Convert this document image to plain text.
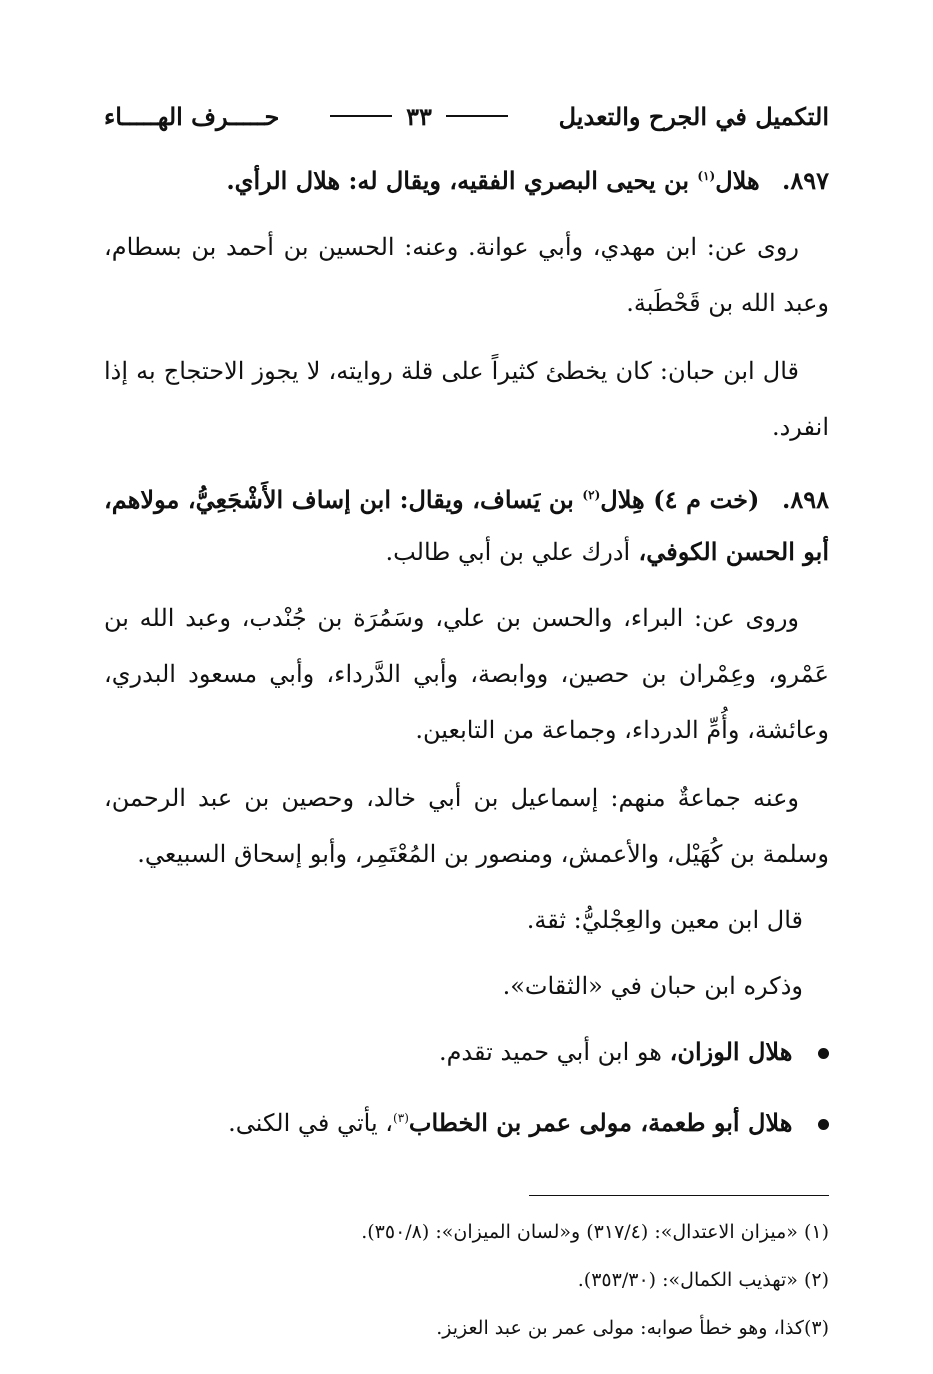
التكميل في الجرح والتعديل
٣٣
حـــــرف الهـــــاء
٨٩٧. هلال$^{(١)}$ بن يحيى البصري الفقيه، ويقال له: هلال الرأي.

روى عن: ابن مهدي، وأبي عوانة. وعنه: الحسين بن أحمد بن بسطام، وعبد الله بن قَحْطَبة.

قال ابن حبان: كان يخطئ كثيراً على قلة روايته، لا يجوز الاحتجاج به إذا انفرد.

٨٩٨. (خت م ٤) هِلال$^{(٢)}$ بن يَساف، ويقال: ابن إساف الأَشْجَعِيُّ، مولاهم، أبو الحسن الكوفي، أدرك علي بن أبي طالب.

وروى عن: البراء، والحسن بن علي، وسَمُرَة بن جُنْدب، وعبد الله بن عَمْرو، وعِمْران بن حصين، ووابصة، وأبي الدَّرداء، وأبي مسعود البدري، وعائشة، وأُمِّ الدرداء، وجماعة من التابعين.

وعنه جماعةٌ منهم: إسماعيل بن أبي خالد، وحصين بن عبد الرحمن، وسلمة بن كُهَيْل، والأعمش، ومنصور بن المُعْتَمِر، وأبو إسحاق السبيعي.

قال ابن معين والعِجْليُّ: ثقة.

وذكره ابن حبان في «الثقات».

هلال الوزان، هو ابن أبي حميد تقدم.
هلال أبو طعمة، مولى عمر بن الخطاب$^{(٣)}$، يأتي في الكنى.
(١) «ميزان الاعتدال»: (٣١٧/٤) و«لسان الميزان»: (٣٥٠/٨).
(٢) «تهذيب الكمال»: (٣٥٣/٣٠).
(٣)كذا، وهو خطأ صوابه: مولى عمر بن عبد العزيز.
